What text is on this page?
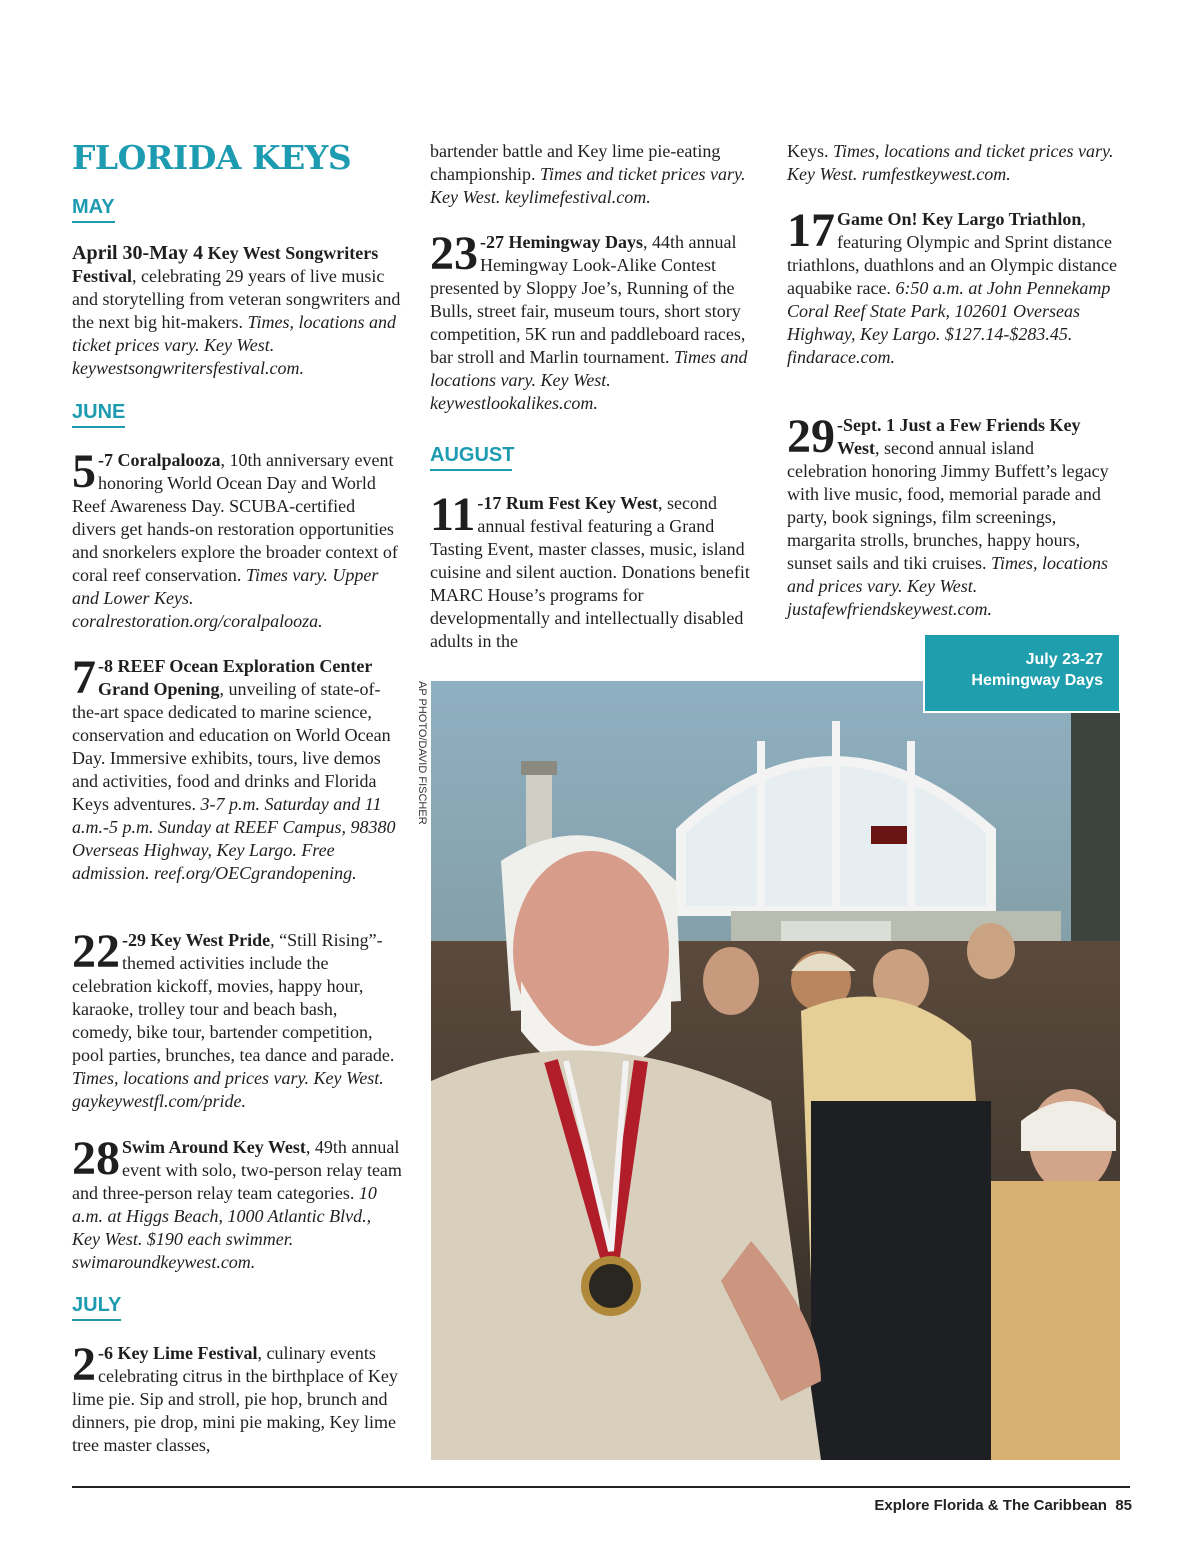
FLORIDA KEYS
MAY
JUNE
JULY
AUGUST
April 30-May 4 Key West Songwriters Festival, celebrating 29 years of live music and storytelling from veteran songwriters and the next big hit-makers. Times, locations and ticket prices vary. Key West. keywestsongwritersfestival.com.
5 -7 Coralpalooza, 10th anniversary event honoring World Ocean Day and World Reef Awareness Day. SCUBA-certified divers get hands-on restoration opportunities and snorkelers explore the broader context of coral reef conservation. Times vary. Upper and Lower Keys. coralrestoration.org/coralpalooza.
7 -8 REEF Ocean Exploration Center Grand Opening, unveiling of state-of-the-art space dedicated to marine science, conservation and education on World Ocean Day. Immersive exhibits, tours, live demos and activities, food and drinks and Florida Keys adventures. 3-7 p.m. Saturday and 11 a.m.-5 p.m. Sunday at REEF Campus, 98380 Overseas Highway, Key Largo. Free admission. reef.org/OECgrandopening.
22 -29 Key West Pride, “Still Rising”-themed activities include the celebration kickoff, movies, happy hour, karaoke, trolley tour and beach bash, comedy, bike tour, bartender competition, pool parties, brunches, tea dance and parade. Times, locations and prices vary. Key West. gaykeywestfl.com/pride.
28 Swim Around Key West, 49th annual event with solo, two-person relay team and three-person relay team categories. 10 a.m. at Higgs Beach, 1000 Atlantic Blvd., Key West. $190 each swimmer. swimaroundkeywest.com.
2 -6 Key Lime Festival, culinary events celebrating citrus in the birthplace of Key lime pie. Sip and stroll, pie hop, brunch and dinners, pie drop, mini pie making, Key lime tree master classes,
bartender battle and Key lime pie-eating championship. Times and ticket prices vary. Key West. keylimefestival.com.
23 -27 Hemingway Days, 44th annual Hemingway Look-Alike Contest presented by Sloppy Joe’s, Running of the Bulls, street fair, museum tours, short story competition, 5K run and paddleboard races, bar stroll and Marlin tournament. Times and locations vary. Key West. keywestlookalikes.com.
11 -17 Rum Fest Key West, second annual festival featuring a Grand Tasting Event, master classes, music, island cuisine and silent auction. Donations benefit MARC House’s programs for developmentally and intellectually disabled adults in the
Keys. Times, locations and ticket prices vary. Key West. rumfestkeywest.com.
17 Game On! Key Largo Triathlon, featuring Olympic and Sprint distance triathlons, duathlons and an Olympic distance aquabike race. 6:50 a.m. at John Pennekamp Coral Reef State Park, 102601 Overseas Highway, Key Largo. $127.14-$283.45. findarace.com.
29 -Sept. 1 Just a Few Friends Key West, second annual island celebration honoring Jimmy Buffett’s legacy with live music, food, memorial parade and party, book signings, film screenings, margarita strolls, brunches, happy hours, sunset sails and tiki cruises. Times, locations and prices vary. Key West. justafewfriendskeywest.com.
AP PHOTO/DAVID FISCHER
July 23-27
Hemingway Days
Explore Florida & The Caribbean 85
